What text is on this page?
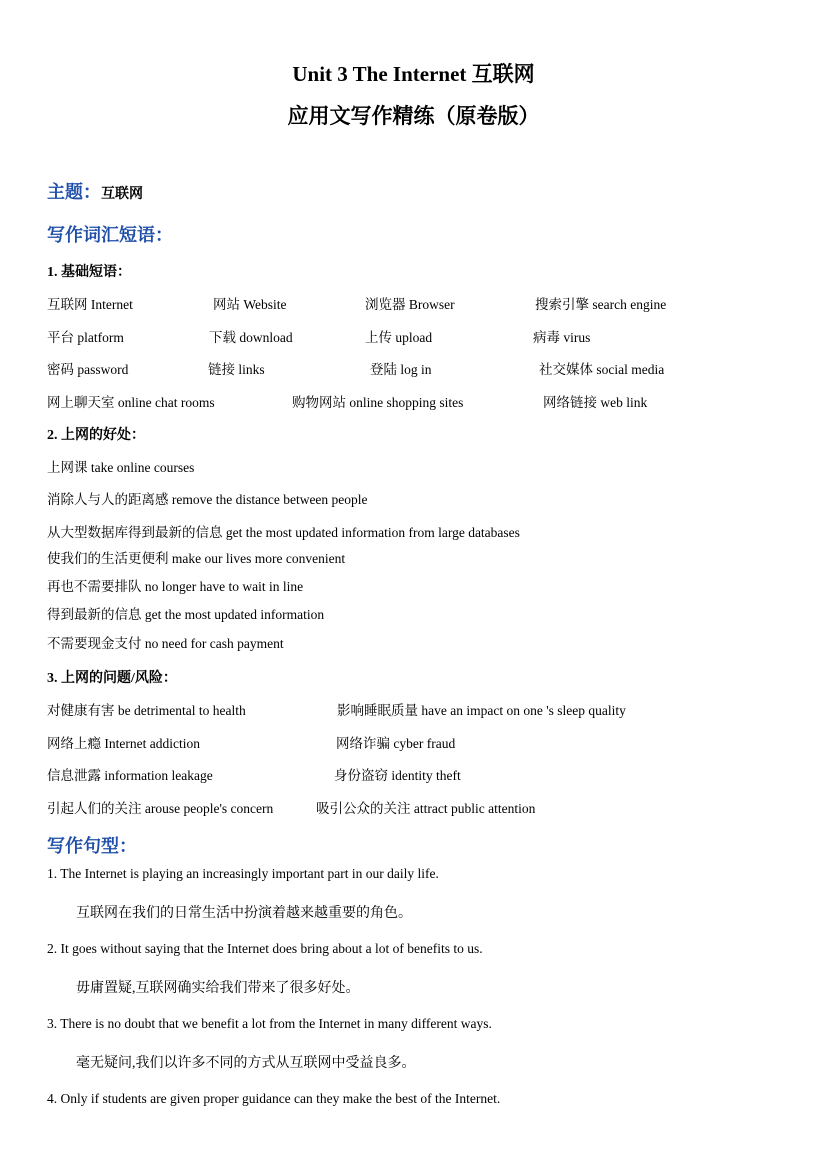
Unit 3 The Internet 互联网
应用文写作精练（原卷版）
主题：互联网
写作词汇短语：
1. 基础短语：
互联网 Internet	网站 Website	浏览器 Browser	搜索引擎 search engine
平台 platform	下载 download	上传 upload	病毒 virus
密码 password	链接 links	登陆 log in	社交媒体 social media
网上聊天室 online chat rooms	购物网站 online shopping sites	网络链接 web link
2. 上网的好处：
上网课 take online courses
消除人与人的距离感 remove the distance between people
从大型数据库得到最新的信息 get the most updated information from large databases
使我们的生活更便利 make our lives more convenient
再也不需要排队 no longer have to wait in line
得到最新的信息 get the most updated information
不需要现金支付 no need for cash payment
3. 上网的问题/风险：
对健康有害 be detrimental to health	影响睡眠质量 have an impact on one 's sleep quality
网络上瘾 Internet addiction	网络诈骗 cyber fraud
信息泄露 information leakage	身份盗窃 identity theft
引起人们的关注 arouse people's concern	吸引公众的关注 attract public attention
写作句型：
1. The Internet is playing an increasingly important part in our daily life.
互联网在我们的日常生活中扮演着越来越重要的角色。
2. It goes without saying that the Internet does bring about a lot of benefits to us.
毋庸置疑,互联网确实给我们带来了很多好处。
3. There is no doubt that we benefit a lot from the Internet in many different ways.
毫无疑问,我们以许多不同的方式从互联网中受益良多。
4. Only if students are given proper guidance can they make the best of the Internet.
